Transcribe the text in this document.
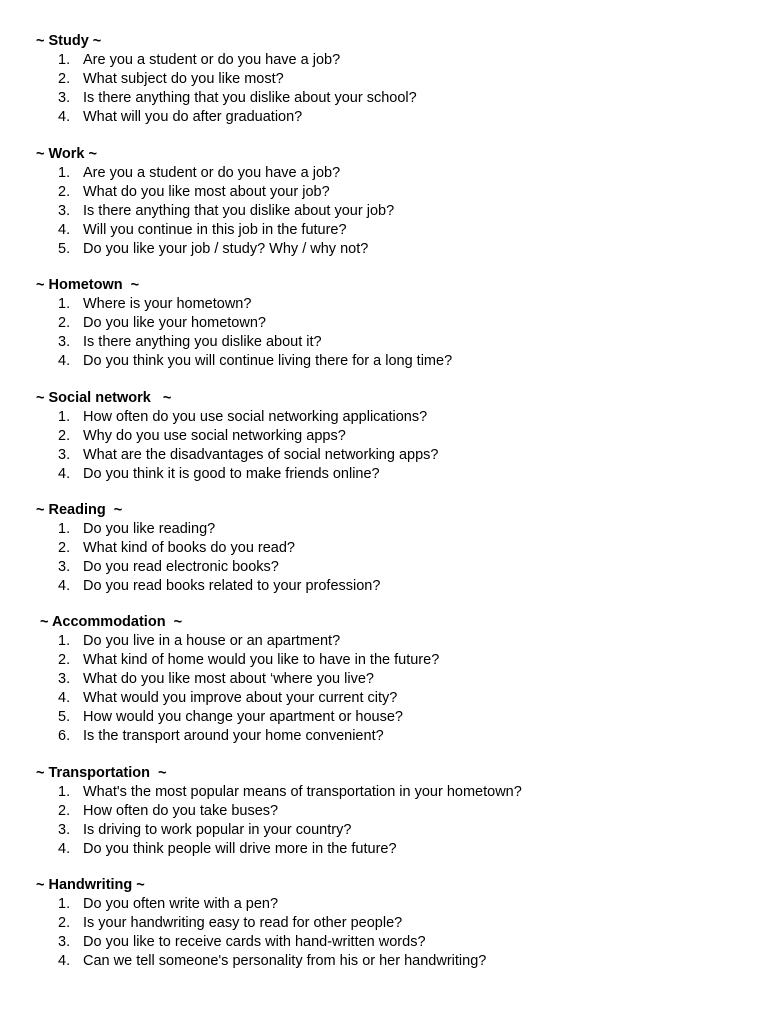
~ Study ~
1. Are you a student or do you have a job?
2. What subject do you like most?
3. Is there anything that you dislike about your school?
4. What will you do after graduation?
~ Work ~
1. Are you a student or do you have a job?
2. What do you like most about your job?
3. Is there anything that you dislike about your job?
4. Will you continue in this job in the future?
5. Do you like your job / study? Why / why not?
~ Hometown  ~
1. Where is your hometown?
2. Do you like your hometown?
3. Is there anything you dislike about it?
4. Do you think you will continue living there for a long time?
~ Social network   ~
1. How often do you use social networking applications?
2. Why do you use social networking apps?
3. What are the disadvantages of social networking apps?
4. Do you think it is good to make friends online?
~ Reading  ~
1. Do you like reading?
2. What kind of books do you read?
3. Do you read electronic books?
4. Do you read books related to your profession?
~ Accommodation  ~
1. Do you live in a house or an apartment?
2. What kind of home would you like to have in the future?
3. What do you like most about ‘where you live?
4. What would you improve about your current city?
5. How would you change your apartment or house?
6. Is the transport around your home convenient?
~ Transportation  ~
1. What's the most popular means of transportation in your hometown?
2. How often do you take buses?
3. Is driving to work popular in your country?
4. Do you think people will drive more in the future?
~ Handwriting ~
1. Do you often write with a pen?
2. Is your handwriting easy to read for other people?
3. Do you like to receive cards with hand-written words?
4. Can we tell someone's personality from his or her handwriting?
